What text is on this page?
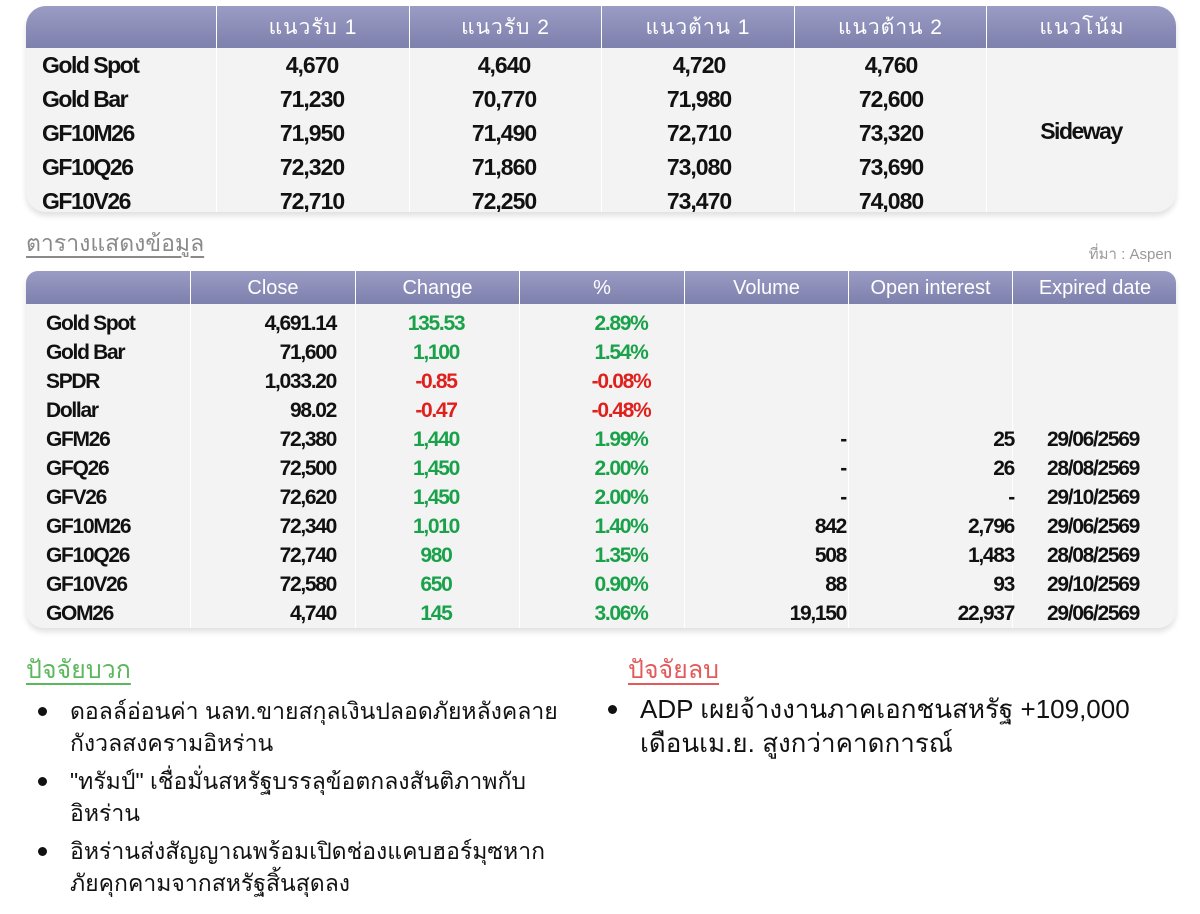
แนวรับ 1	แนวรับ 2	แนวต้าน 1	แนวต้าน 2	แนวโน้ม
Gold Spot	4,670	4,640	4,720	4,760
Gold Bar	71,230	70,770	71,980	72,600
GF10M26	71,950	71,490	72,710	73,320
GF10Q26	72,320	71,860	73,080	73,690
GF10V26	72,710	72,250	73,470	74,080
Sideway
ตารางแสดงข้อมูล	ที่มา : Aspen
Close	Change	%	Volume	Open interest	Expired date
Gold Spot	4,691.14	135.53	2.89%
Gold Bar	71,600	1,100	1.54%
SPDR	1,033.20	-0.85	-0.08%
Dollar	98.02	-0.47	-0.48%
GFM26	72,380	1,440	1.99%	-	25	29/06/2569
GFQ26	72,500	1,450	2.00%	-	26	28/08/2569
GFV26	72,620	1,450	2.00%	-	-	29/10/2569
GF10M26	72,340	1,010	1.40%	842	2,796	29/06/2569
GF10Q26	72,740	980	1.35%	508	1,483	28/08/2569
GF10V26	72,580	650	0.90%	88	93	29/10/2569
GOM26	4,740	145	3.06%	19,150	22,937	29/06/2569
ปัจจัยบวก
ดอลล์อ่อนค่า นลท.ขายสกุลเงินปลอดภัยหลังคลายกังวลสงครามอิหร่าน
"ทรัมป์" เชื่อมั่นสหรัฐบรรลุข้อตกลงสันติภาพกับอิหร่าน
อิหร่านส่งสัญญาณพร้อมเปิดช่องแคบฮอร์มุซหากภัยคุกคามจากสหรัฐสิ้นสุดลง
ปัจจัยลบ
ADP เผยจ้างงานภาคเอกชนสหรัฐ +109,000 เดือนเม.ย. สูงกว่าคาดการณ์
